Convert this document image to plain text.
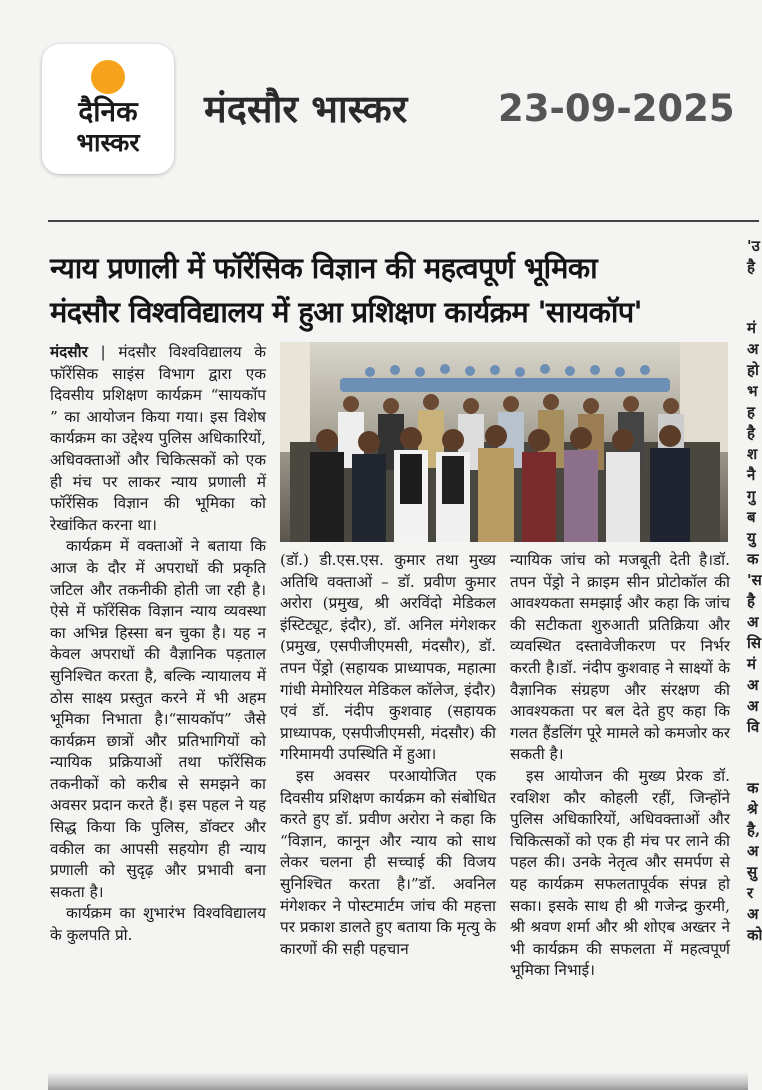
दैनिक
भास्कर
मंदसौर भास्कर 23-09-2025
न्याय प्रणाली में फॉरेंसिक विज्ञान की महत्वपूर्ण भूमिका
मंदसौर विश्वविद्यालय में हुआ प्रशिक्षण कार्यक्रम 'सायकॉप'

मंदसौर | मंदसौर विश्वविद्यालय के फॉरेंसिक साइंस विभाग द्वारा एक दिवसीय प्रशिक्षण कार्यक्रम “सायकॉप ” का आयोजन किया गया। इस विशेष कार्यक्रम का उद्देश्य पुलिस अधिकारियों, अधिवक्ताओं और चिकित्सकों को एक ही मंच पर लाकर न्याय प्रणाली में फॉरेंसिक विज्ञान की भूमिका को रेखांकित करना था।

कार्यक्रम में वक्ताओं ने बताया कि आज के दौर में अपराधों की प्रकृति जटिल और तकनीकी होती जा रही है। ऐसे में फॉरेंसिक विज्ञान न्याय व्यवस्था का अभिन्न हिस्सा बन चुका है। यह न केवल अपराधों की वैज्ञानिक पड़ताल सुनिश्चित करता है, बल्कि न्यायालय में ठोस साक्ष्य प्रस्तुत करने में भी अहम भूमिका निभाता है।“सायकॉप” जैसे कार्यक्रम छात्रों और प्रतिभागियों को न्यायिक प्रक्रियाओं तथा फॉरेंसिक तकनीकों को करीब से समझने का अवसर प्रदान करते हैं। इस पहल ने यह सिद्ध किया कि पुलिस, डॉक्टर और वकील का आपसी सहयोग ही न्याय प्रणाली को सुदृढ़ और प्रभावी बना सकता है।

कार्यक्रम का शुभारंभ विश्वविद्यालय के कुलपति प्रो.

(डॉ.) डी.एस.एस. कुमार तथा मुख्य अतिथि वक्ताओं – डॉ. प्रवीण कुमार अरोरा (प्रमुख, श्री अरविंदो मेडिकल इंस्टिट्यूट, इंदौर), डॉ. अनिल मंगेशकर (प्रमुख, एसपीजीएमसी, मंदसौर), डॉ. तपन पेंड्रो (सहायक प्राध्यापक, महात्मा गांधी मेमोरियल मेडिकल कॉलेज, इंदौर) एवं डॉ. नंदीप कुशवाह (सहायक प्राध्यापक, एसपीजीएमसी, मंदसौर) की गरिमामयी उपस्थिति में हुआ।

इस अवसर परआयोजित एक दिवसीय प्रशिक्षण कार्यक्रम को संबोधित करते हुए डॉ. प्रवीण अरोरा ने कहा कि “विज्ञान, कानून और न्याय को साथ लेकर चलना ही सच्चाई की विजय सुनिश्चित करता है।”डॉ. अवनिल मंगेशकर ने पोस्टमार्टम जांच की महत्ता पर प्रकाश डालते हुए बताया कि मृत्यु के कारणों की सही पहचान

न्यायिक जांच को मजबूती देती है।डॉ. तपन पेंड्रो ने क्राइम सीन प्रोटोकॉल की आवश्यकता समझाई और कहा कि जांच की सटीकता शुरुआती प्रतिक्रिया और व्यवस्थित दस्तावेजीकरण पर निर्भर करती है।डॉ. नंदीप कुशवाह ने साक्ष्यों के वैज्ञानिक संग्रहण और संरक्षण की आवश्यकता पर बल देते हुए कहा कि गलत हैंडलिंग पूरे मामले को कमजोर कर सकती है।

इस आयोजन की मुख्य प्रेरक डॉ. रवशिश कौर कोहली रहीं, जिन्होंने पुलिस अधिकारियों, अधिवक्ताओं और चिकित्सकों को एक ही मंच पर लाने की पहल की। उनके नेतृत्व और समर्पण से यह कार्यक्रम सफलतापूर्वक संपन्न हो सका। इसके साथ ही श्री गजेन्द्र कुरमी, श्री श्रवण शर्मा और श्री शोएब अख्तर ने भी कार्यक्रम की सफलता में महत्वपूर्ण भूमिका निभाई।

'उ
है
मं
अ
हो
भ
ह
है
श
नै
गु
ब
यु
क
'स
है
अ
सि
मं
अ
अ
वि
क
श्रे
है,
अ
सु
र
अ
को
